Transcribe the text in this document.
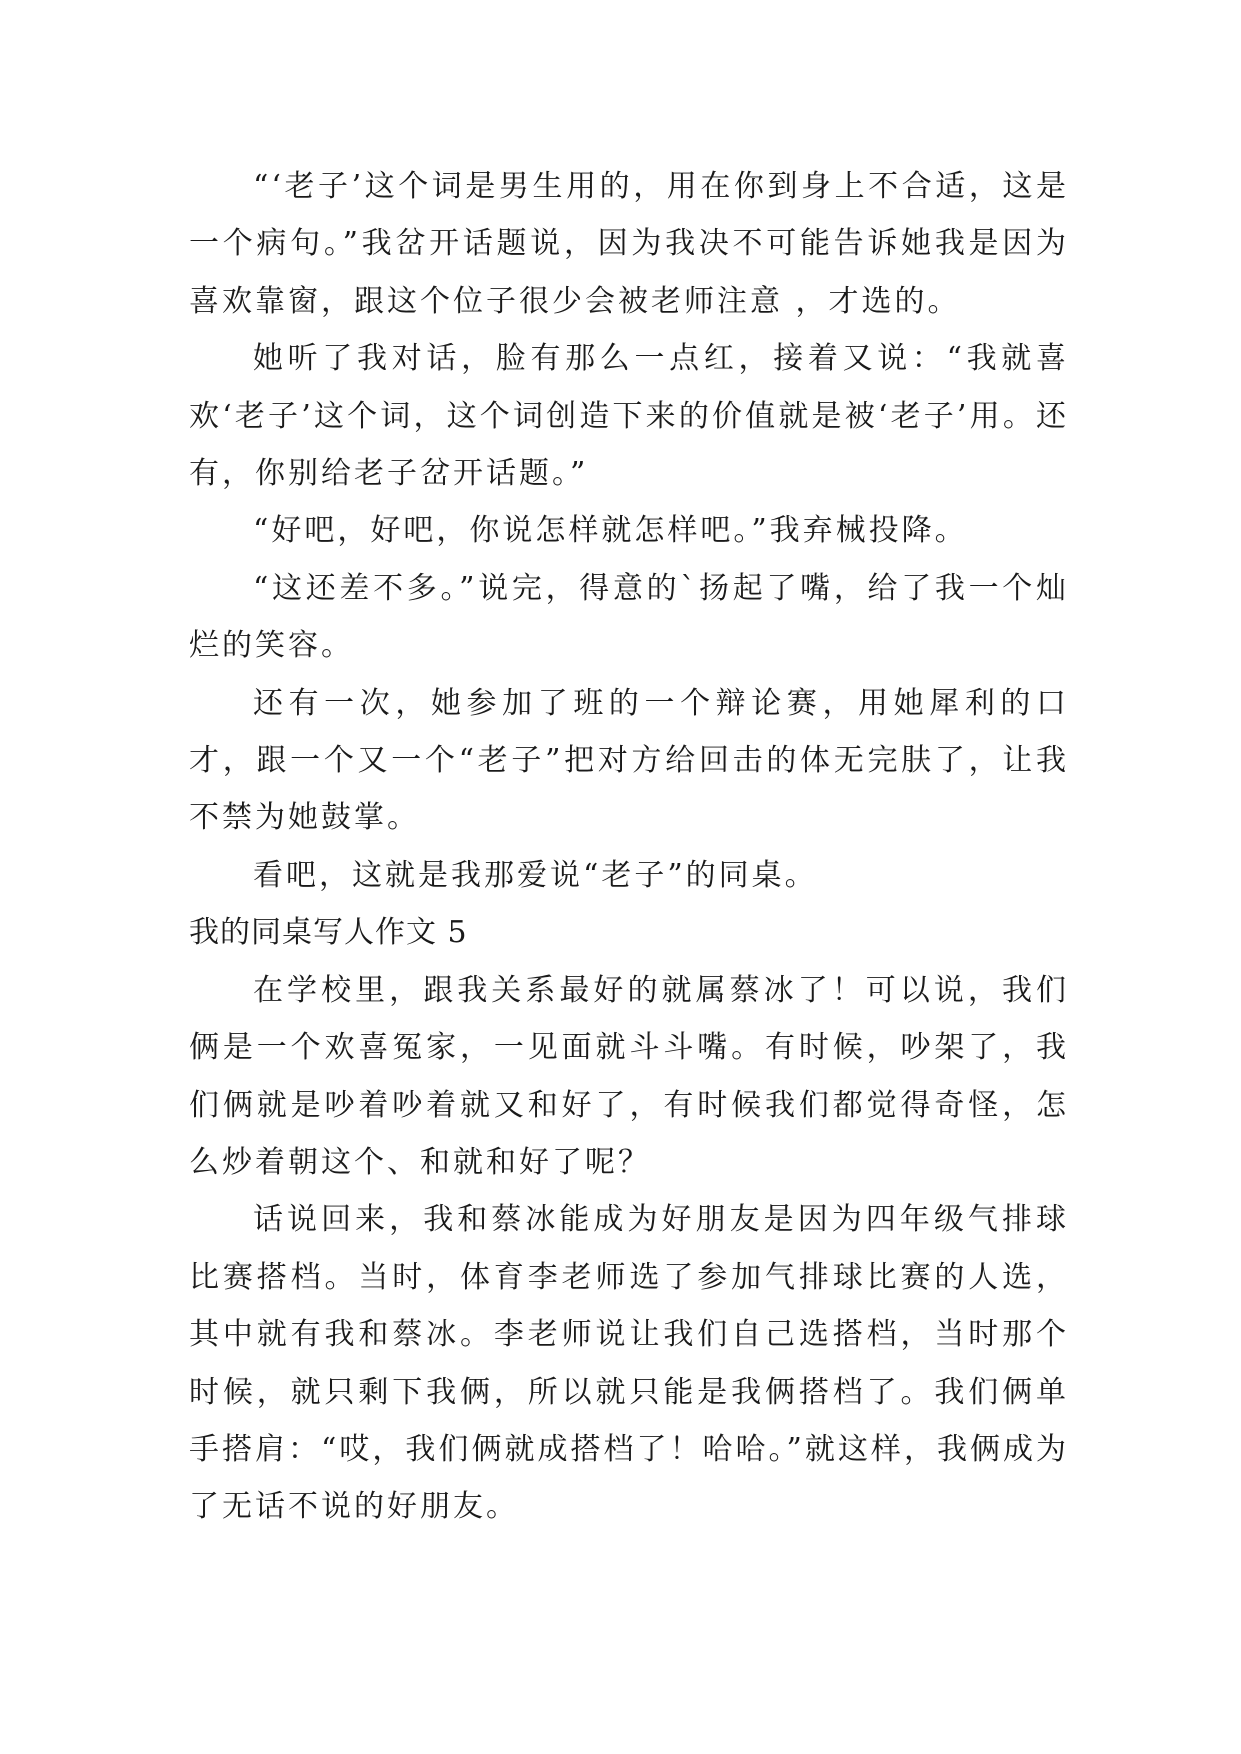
“‘老子’这个词是男生用的，用在你到身上不合适，这是一个病句。”我岔开话题说，因为我决不可能告诉她我是因为喜欢靠窗，跟这个位子很少会被老师注意 ，才选的。

她听了我对话，脸有那么一点红，接着又说：“我就喜欢‘老子’这个词，这个词创造下来的价值就是被‘老子’用。还有，你别给老子岔开话题。”

“好吧，好吧，你说怎样就怎样吧。”我弃械投降。

“这还差不多。”说完，得意的`扬起了嘴，给了我一个灿烂的笑容。

还有一次，她参加了班的一个辩论赛，用她犀利的口才，跟一个又一个“老子”把对方给回击的体无完肤了，让我不禁为她鼓掌。

看吧，这就是我那爱说“老子”的同桌。

我的同桌写人作文 5

在学校里，跟我关系最好的就属蔡冰了！可以说，我们俩是一个欢喜冤家，一见面就斗斗嘴。有时候，吵架了，我们俩就是吵着吵着就又和好了，有时候我们都觉得奇怪，怎么炒着朝这个、和就和好了呢？

话说回来，我和蔡冰能成为好朋友是因为四年级气排球比赛搭档。当时，体育李老师选了参加气排球比赛的人选，其中就有我和蔡冰。李老师说让我们自己选搭档，当时那个时候，就只剩下我俩，所以就只能是我俩搭档了。我们俩单手搭肩：“哎，我们俩就成搭档了！哈哈。”就这样，我俩成为了无话不说的好朋友。
